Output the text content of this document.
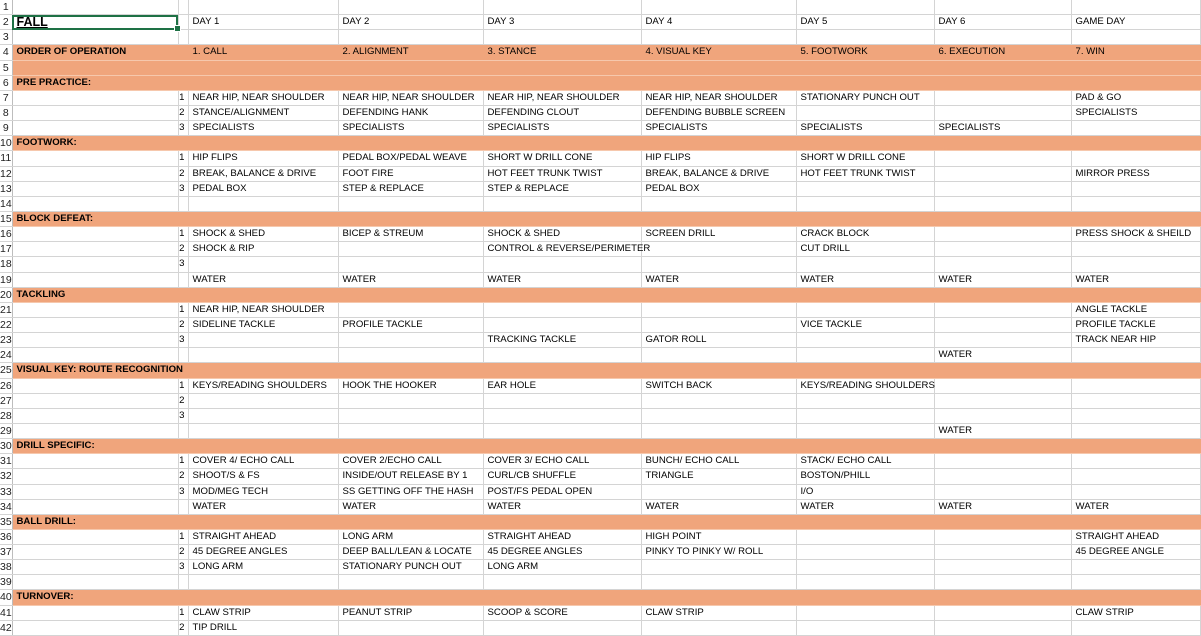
1									
2	FALL		DAY 1	DAY 2	DAY 3	DAY 4	DAY 5	DAY 6	GAME DAY
3									
4	ORDER OF OPERATION		1. CALL	2. ALIGNMENT	3. STANCE	4. VISUAL KEY	5. FOOTWORK	6. EXECUTION	7. WIN
5									
6	PRE PRACTICE:								
7		1	NEAR HIP, NEAR SHOULDER	NEAR HIP, NEAR SHOULDER	NEAR HIP, NEAR SHOULDER	NEAR HIP, NEAR SHOULDER	STATIONARY PUNCH OUT		PAD & GO
8		2	STANCE/ALIGNMENT	DEFENDING HANK	DEFENDING CLOUT	DEFENDING BUBBLE SCREEN			SPECIALISTS
9		3	SPECIALISTS	SPECIALISTS	SPECIALISTS	SPECIALISTS	SPECIALISTS	SPECIALISTS	
10	FOOTWORK:								
11		1	HIP FLIPS	PEDAL BOX/PEDAL WEAVE	SHORT W DRILL CONE	HIP FLIPS	SHORT W DRILL CONE		
12		2	BREAK, BALANCE & DRIVE	FOOT FIRE	HOT FEET TRUNK TWIST	BREAK, BALANCE & DRIVE	HOT FEET TRUNK TWIST		MIRROR PRESS
13		3	PEDAL BOX	STEP & REPLACE	STEP & REPLACE	PEDAL BOX			
14									
15	BLOCK DEFEAT:								
16		1	SHOCK & SHED	BICEP & STREUM	SHOCK & SHED	SCREEN DRILL	CRACK BLOCK		PRESS SHOCK & SHEILD
17		2	SHOCK & RIP		CONTROL & REVERSE/PERIMETER		CUT DRILL		
18		3							
19			WATER	WATER	WATER	WATER	WATER	WATER	WATER
20	TACKLING								
21		1	NEAR HIP, NEAR SHOULDER						ANGLE TACKLE
22		2	SIDELINE TACKLE	PROFILE TACKLE			VICE TACKLE		PROFILE TACKLE
23		3			TRACKING TACKLE	GATOR ROLL			TRACK NEAR HIP
24								WATER	
25	VISUAL KEY: ROUTE RECOGNITION								
26		1	KEYS/READING SHOULDERS	HOOK THE HOOKER	EAR HOLE	SWITCH BACK	KEYS/READING SHOULDERS		
27		2							
28		3							
29								WATER	
30	DRILL SPECIFIC:								
31		1	COVER 4/ ECHO CALL	COVER 2/ECHO CALL	COVER 3/ ECHO CALL	BUNCH/ ECHO CALL	STACK/ ECHO CALL		
32		2	SHOOT/S & FS	INSIDE/OUT RELEASE BY 1	CURL/CB SHUFFLE	TRIANGLE	BOSTON/PHILL		
33		3	MOD/MEG TECH	SS GETTING OFF THE HASH	POST/FS PEDAL OPEN		I/O		
34			WATER	WATER	WATER	WATER	WATER	WATER	WATER
35	BALL DRILL:								
36		1	STRAIGHT AHEAD	LONG ARM	STRAIGHT AHEAD	HIGH POINT			STRAIGHT AHEAD
37		2	45 DEGREE ANGLES	DEEP BALL/LEAN & LOCATE	45 DEGREE ANGLES	PINKY TO PINKY W/ ROLL			45 DEGREE ANGLE
38		3	LONG ARM	STATIONARY PUNCH OUT	LONG ARM				
39									
40	TURNOVER:								
41		1	CLAW STRIP	PEANUT STRIP	SCOOP & SCORE	CLAW STRIP			CLAW STRIP
42		2	TIP DRILL						
